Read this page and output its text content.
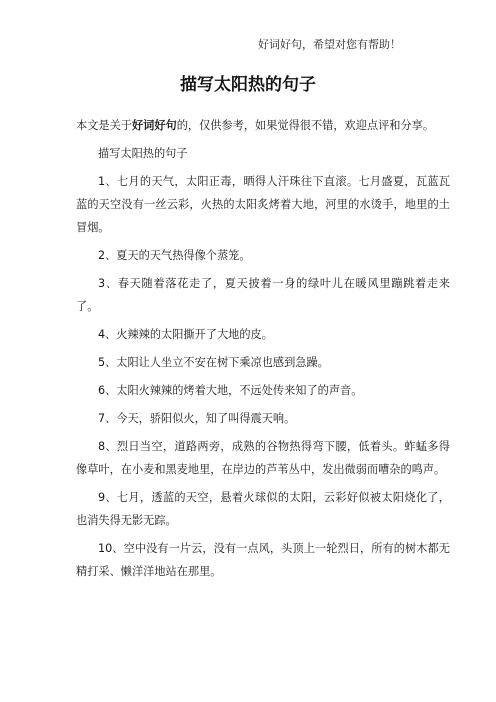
好词好句，希望对您有帮助！
描写太阳热的句子

本文是关于好词好句的，仅供参考，如果觉得很不错，欢迎点评和分享。

描写太阳热的句子

1、七月的天气，太阳正毒，晒得人汗珠往下直滚。七月盛夏，瓦蓝瓦蓝的天空没有一丝云彩，火热的太阳炙烤着大地，河里的水烫手，地里的土冒烟。

2、夏天的天气热得像个蒸笼。

3、春天随着落花走了，夏天披着一身的绿叶儿在暖风里蹦跳着走来了。

4、火辣辣的太阳撕开了大地的皮。

5、太阳让人坐立不安在树下乘凉也感到急躁。

6、太阳火辣辣的烤着大地，不远处传来知了的声音。

7、今天，骄阳似火，知了叫得震天响。

8、烈日当空，道路两旁，成熟的谷物热得弯下腰，低着头。蚱蜢多得像草叶，在小麦和黑麦地里，在岸边的芦苇丛中，发出微弱而嘈杂的鸣声。

9、七月，透蓝的天空，悬着火球似的太阳，云彩好似被太阳烧化了，也消失得无影无踪。

10、空中没有一片云，没有一点风，头顶上一轮烈日，所有的树木都无精打采、懒洋洋地站在那里。
